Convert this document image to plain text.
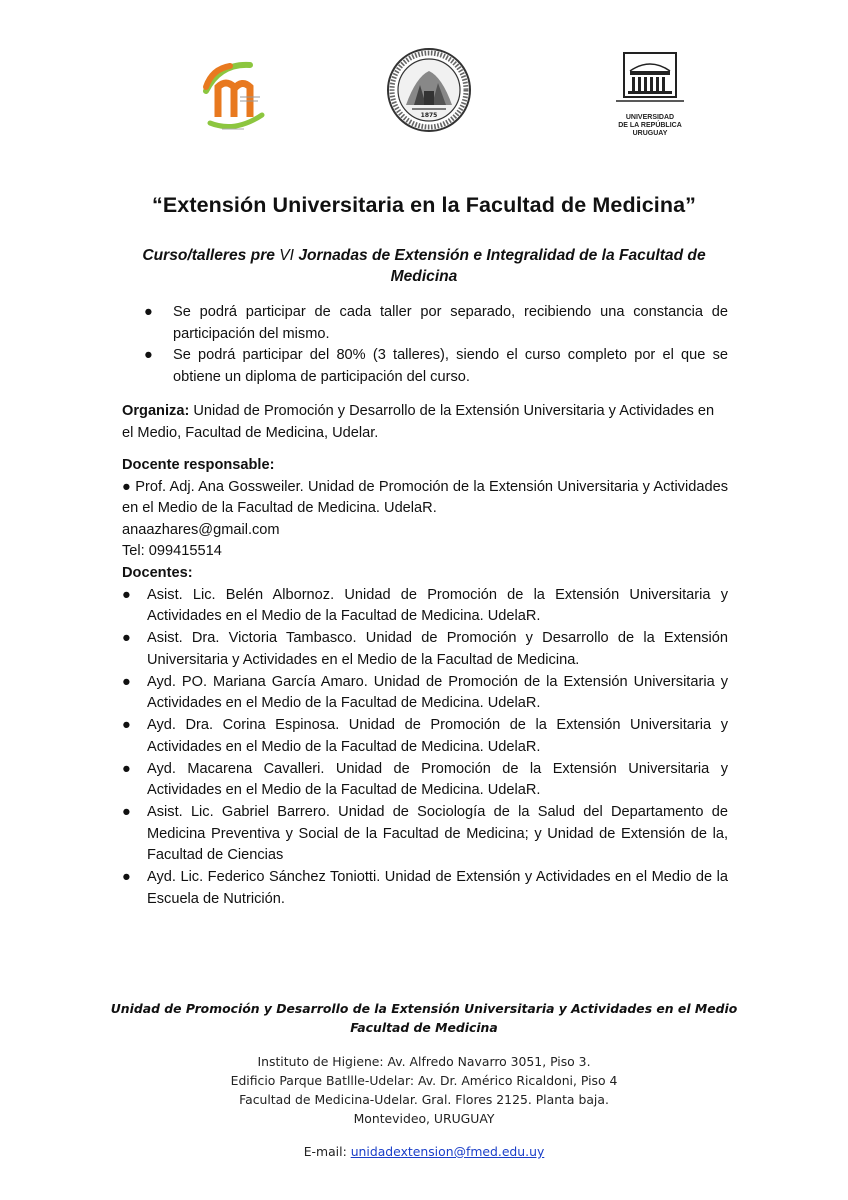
1875	UNIVERSIDAD
DE LA REPÚBLICA
URUGUAY
“Extensión Universitaria en la Facultad de Medicina”
Curso/talleres pre VI Jornadas de Extensión e Integralidad de la Facultad de Medicina
● Se podrá participar de cada taller por separado, recibiendo una constancia de participación del mismo.
● Se podrá participar del 80% (3 talleres), siendo el curso completo por el que se obtiene un diploma de participación del curso.
Organiza: Unidad de Promoción y Desarrollo de la Extensión Universitaria y Actividades en el Medio, Facultad de Medicina, Udelar.
Docente responsable:
● Prof. Adj. Ana Gossweiler. Unidad de Promoción de la Extensión Universitaria y Actividades en el Medio de la Facultad de Medicina. UdelaR.
anaazhares@gmail.com
Tel: 099415514
Docentes:
● Asist. Lic. Belén Albornoz. Unidad de Promoción de la Extensión Universitaria y Actividades en el Medio de la Facultad de Medicina. UdelaR.
● Asist. Dra. Victoria Tambasco. Unidad de Promoción y Desarrollo de la Extensión Universitaria y Actividades en el Medio de la Facultad de Medicina.
● Ayd. PO. Mariana García Amaro. Unidad de Promoción de la Extensión Universitaria y Actividades en el Medio de la Facultad de Medicina. UdelaR.
● Ayd. Dra. Corina Espinosa. Unidad de Promoción de la Extensión Universitaria y Actividades en el Medio de la Facultad de Medicina. UdelaR.
● Ayd. Macarena Cavalleri. Unidad de Promoción de la Extensión Universitaria y Actividades en el Medio de la Facultad de Medicina. UdelaR.
● Asist. Lic. Gabriel Barrero. Unidad de Sociología de la Salud del Departamento de Medicina Preventiva y Social de la Facultad de Medicina; y Unidad de Extensión de la, Facultad de Ciencias
● Ayd. Lic. Federico Sánchez Toniotti. Unidad de Extensión y Actividades en el Medio de la Escuela de Nutrición.
Unidad de Promoción y Desarrollo de la Extensión Universitaria y Actividades en el Medio
Facultad de Medicina
Instituto de Higiene: Av. Alfredo Navarro 3051, Piso 3.
Edificio Parque Batllle-Udelar: Av. Dr. Américo Ricaldoni, Piso 4
Facultad de Medicina-Udelar. Gral. Flores 2125. Planta baja.
Montevideo, URUGUAY
E-mail: unidadextension@fmed.edu.uy
